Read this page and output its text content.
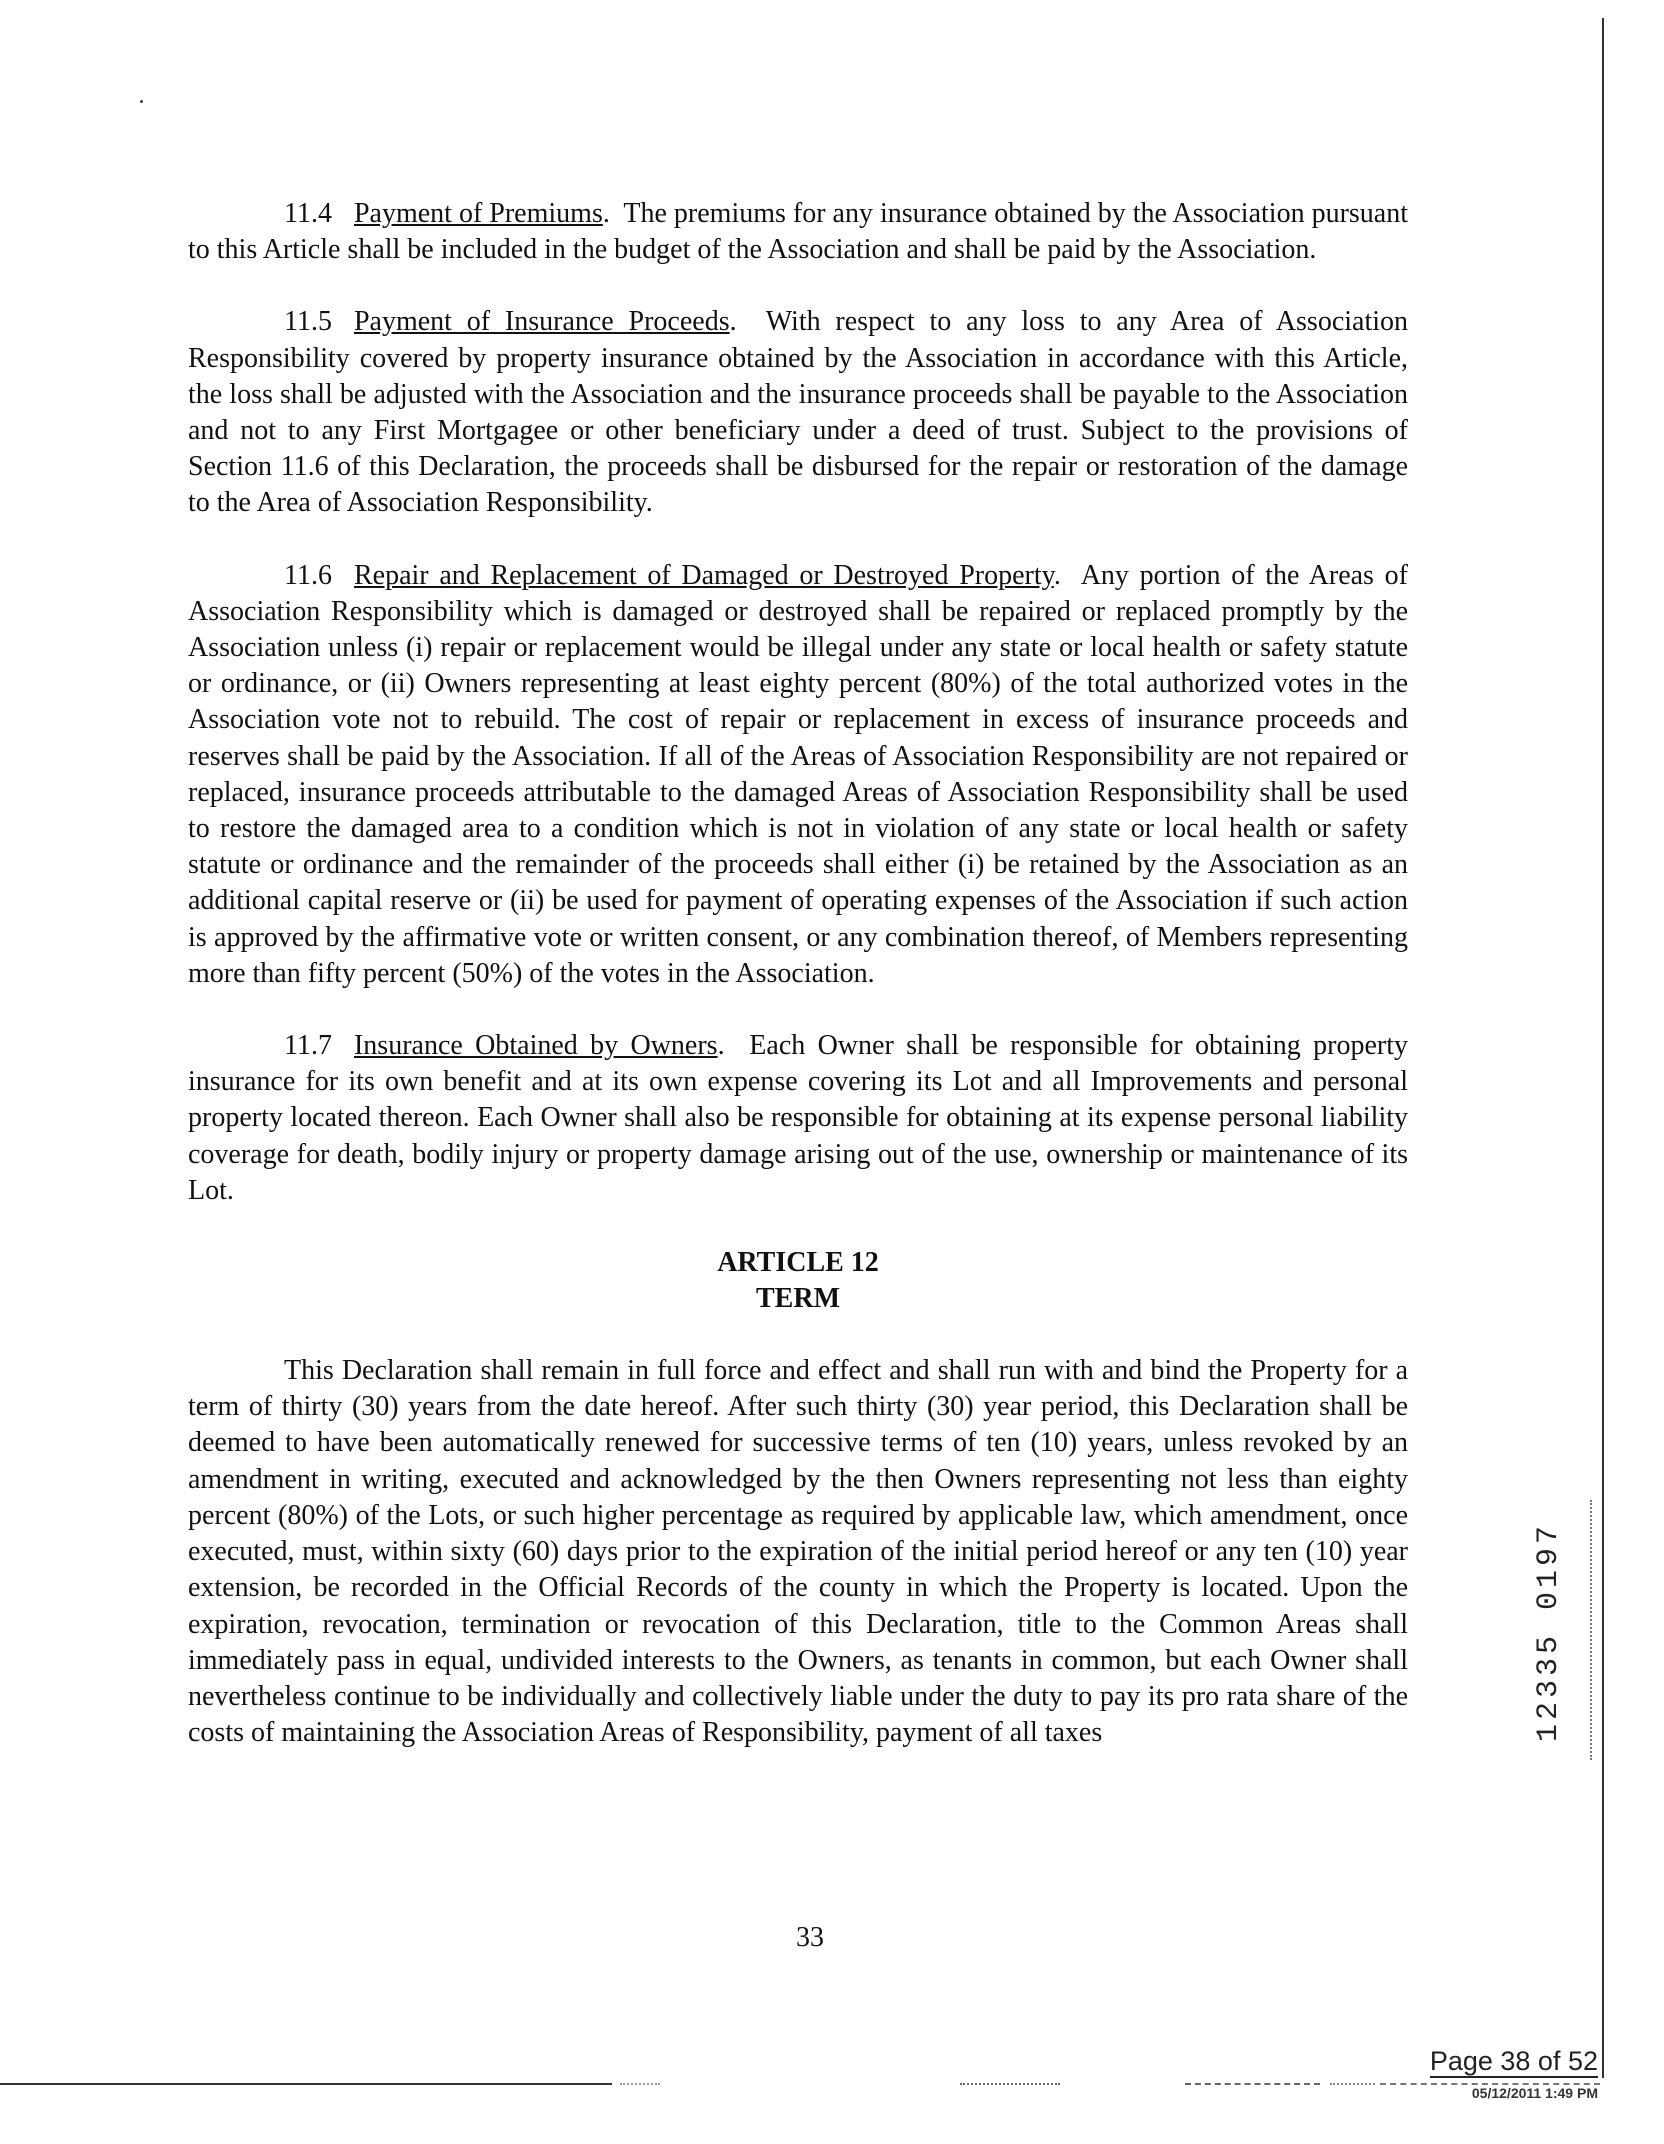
11.4 Payment of Premiums.  The premiums for any insurance obtained by the Association pursuant to this Article shall be included in the budget of the Association and shall be paid by the Association.

11.5 Payment of Insurance Proceeds.  With respect to any loss to any Area of Association Responsibility covered by property insurance obtained by the Association in accordance with this Article, the loss shall be adjusted with the Association and the insurance proceeds shall be payable to the Association and not to any First Mortgagee or other beneficiary under a deed of trust. Subject to the provisions of Section 11.6 of this Declaration, the proceeds shall be disbursed for the repair or restoration of the damage to the Area of Association Responsibility.

11.6 Repair and Replacement of Damaged or Destroyed Property.  Any portion of the Areas of Association Responsibility which is damaged or destroyed shall be repaired or replaced promptly by the Association unless (i) repair or replacement would be illegal under any state or local health or safety statute or ordinance, or (ii) Owners representing at least eighty percent (80%) of the total authorized votes in the Association vote not to rebuild. The cost of repair or replacement in excess of insurance proceeds and reserves shall be paid by the Association. If all of the Areas of Association Responsibility are not repaired or replaced, insurance proceeds attributable to the damaged Areas of Association Responsibility shall be used to restore the damaged area to a condition which is not in violation of any state or local health or safety statute or ordinance and the remainder of the proceeds shall either (i) be retained by the Association as an additional capital reserve or (ii) be used for payment of operating expenses of the Association if such action is approved by the affirmative vote or written consent, or any combination thereof, of Members representing more than fifty percent (50%) of the votes in the Association.

11.7 Insurance Obtained by Owners.  Each Owner shall be responsible for obtaining property insurance for its own benefit and at its own expense covering its Lot and all Improvements and personal property located thereon. Each Owner shall also be responsible for obtaining at its expense personal liability coverage for death, bodily injury or property damage arising out of the use, ownership or maintenance of its Lot.

ARTICLE 12
TERM

This Declaration shall remain in full force and effect and shall run with and bind the Property for a term of thirty (30) years from the date hereof. After such thirty (30) year period, this Declaration shall be deemed to have been automatically renewed for successive terms of ten (10) years, unless revoked by an amendment in writing, executed and acknowledged by the then Owners representing not less than eighty percent (80%) of the Lots, or such higher percentage as required by applicable law, which amendment, once executed, must, within sixty (60) days prior to the expiration of the initial period hereof or any ten (10) year extension, be recorded in the Official Records of the county in which the Property is located. Upon the expiration, revocation, termination or revocation of this Declaration, title to the Common Areas shall immediately pass in equal, undivided interests to the Owners, as tenants in common, but each Owner shall nevertheless continue to be individually and collectively liable under the duty to pay its pro rata share of the costs of maintaining the Association Areas of Responsibility, payment of all taxes

33
12335 0197
Page 38 of 52
05/12/2011 1:49 PM
